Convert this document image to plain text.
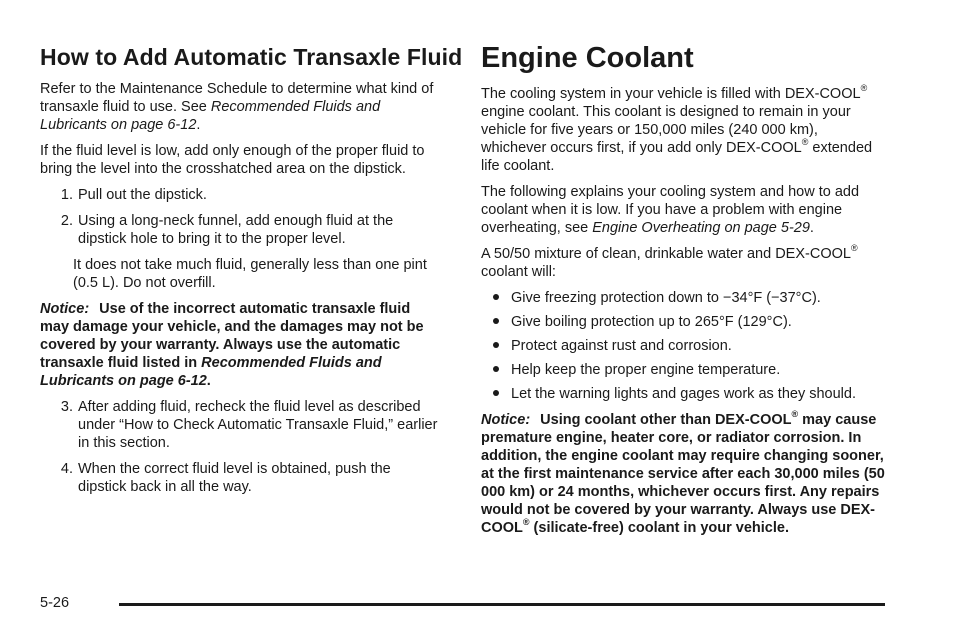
How to Add Automatic Transaxle Fluid

Refer to the Maintenance Schedule to determine what kind of transaxle fluid to use. See Recommended Fluids and Lubricants on page 6-12.

If the fluid level is low, add only enough of the proper fluid to bring the level into the crosshatched area on the dipstick.

1. Pull out the dipstick.
2. Using a long-neck funnel, add enough fluid at the dipstick hole to bring it to the proper level.

It does not take much fluid, generally less than one pint (0.5 L). Do not overfill.

Notice: Use of the incorrect automatic transaxle fluid may damage your vehicle, and the damages may not be covered by your warranty. Always use the automatic transaxle fluid listed in Recommended Fluids and Lubricants on page 6-12.

3. After adding fluid, recheck the fluid level as described under “How to Check Automatic Transaxle Fluid,” earlier in this section.
4. When the correct fluid level is obtained, push the dipstick back in all the way.
Engine Coolant

The cooling system in your vehicle is filled with DEX-COOL® engine coolant. This coolant is designed to remain in your vehicle for five years or 150,000 miles (240 000 km), whichever occurs first, if you add only DEX-COOL® extended life coolant.

The following explains your cooling system and how to add coolant when it is low. If you have a problem with engine overheating, see Engine Overheating on page 5-29.

A 50/50 mixture of clean, drinkable water and DEX-COOL® coolant will:

Give freezing protection down to −34°F (−37°C).
Give boiling protection up to 265°F (129°C).
Protect against rust and corrosion.
Help keep the proper engine temperature.
Let the warning lights and gages work as they should.

Notice: Using coolant other than DEX-COOL® may cause premature engine, heater core, or radiator corrosion. In addition, the engine coolant may require changing sooner, at the first maintenance service after each 30,000 miles (50 000 km) or 24 months, whichever occurs first. Any repairs would not be covered by your warranty. Always use DEX-COOL® (silicate-free) coolant in your vehicle.

5-26
